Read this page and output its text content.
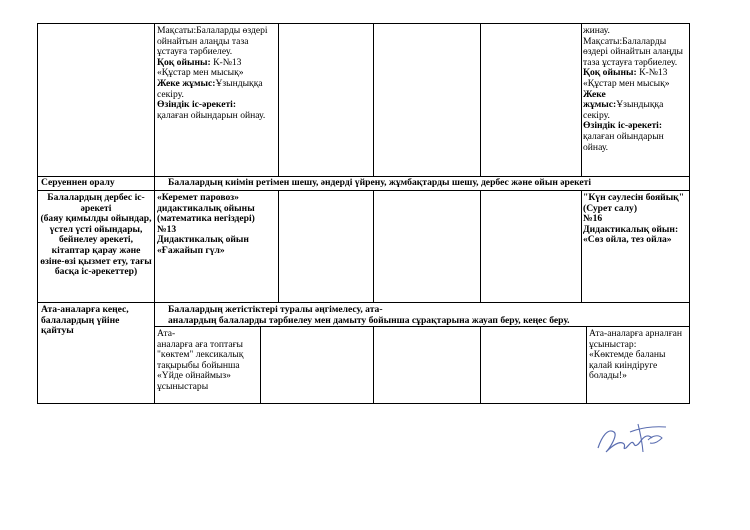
Мақсаты:Балаларды өздері ойнайтын алаңды таза ұстауға тәрбиелеу.
Қоқ ойыны: К-№13 «Құстар мен мысық»
Жеке жұмыс:Ұзындыққа секіру.
Өзіндік іс-әрекеті:
қалаған ойындарын ойнау.
жинау.
Мақсаты:Балаларды өздері ойнайтын алаңды таза ұстауға тәрбиелеу.
Қоқ ойыны: К-№13 «Құстар мен мысық»
Жеке жұмыс:Ұзындыққа секіру.
Өзіндік іс-әрекеті:
қалаған ойындарын ойнау.
Серуеннен оралу	Балалардың киімін ретімен шешу, әндерді үйрену, жұмбақтарды шешу, дербес және ойын әрекеті
Балалардың дербес іс-әрекеті
(баяу қимылды ойындар, үстел үсті ойындары, бейнелеу әрекеті, кітаптар қарау және өзіне-өзі қызмет ету, тағы басқа іс-әрекеттер)
«Керемет паровоз»
дидактикалық ойыны
(математика негіздері)
№13
Дидактикалық ойын
«Ғажайып гүл»
"Күн сәулесін бояйық"
(Сурет салу)
№16
Дидактикалық ойын:
«Сөз ойла, тез ойла»
Ата-аналарға кеңес, балалардың үйіне қайтуы
Балалардың жетістіктері туралы әңгімелесу, ата-
аналардың балаларды тәрбиелеу мен дамыту бойынша сұрақтарына жауап беру, кеңес беру.
Ата-
аналарға аға топтағы
"көктем" лексикалық тақырыбы бойынша
«Үйде ойнаймыз»
ұсыныстары
Ата-аналарға арналған ұсыныстар:
«Көктемде баланы
қалай киіндіруге
болады!»
